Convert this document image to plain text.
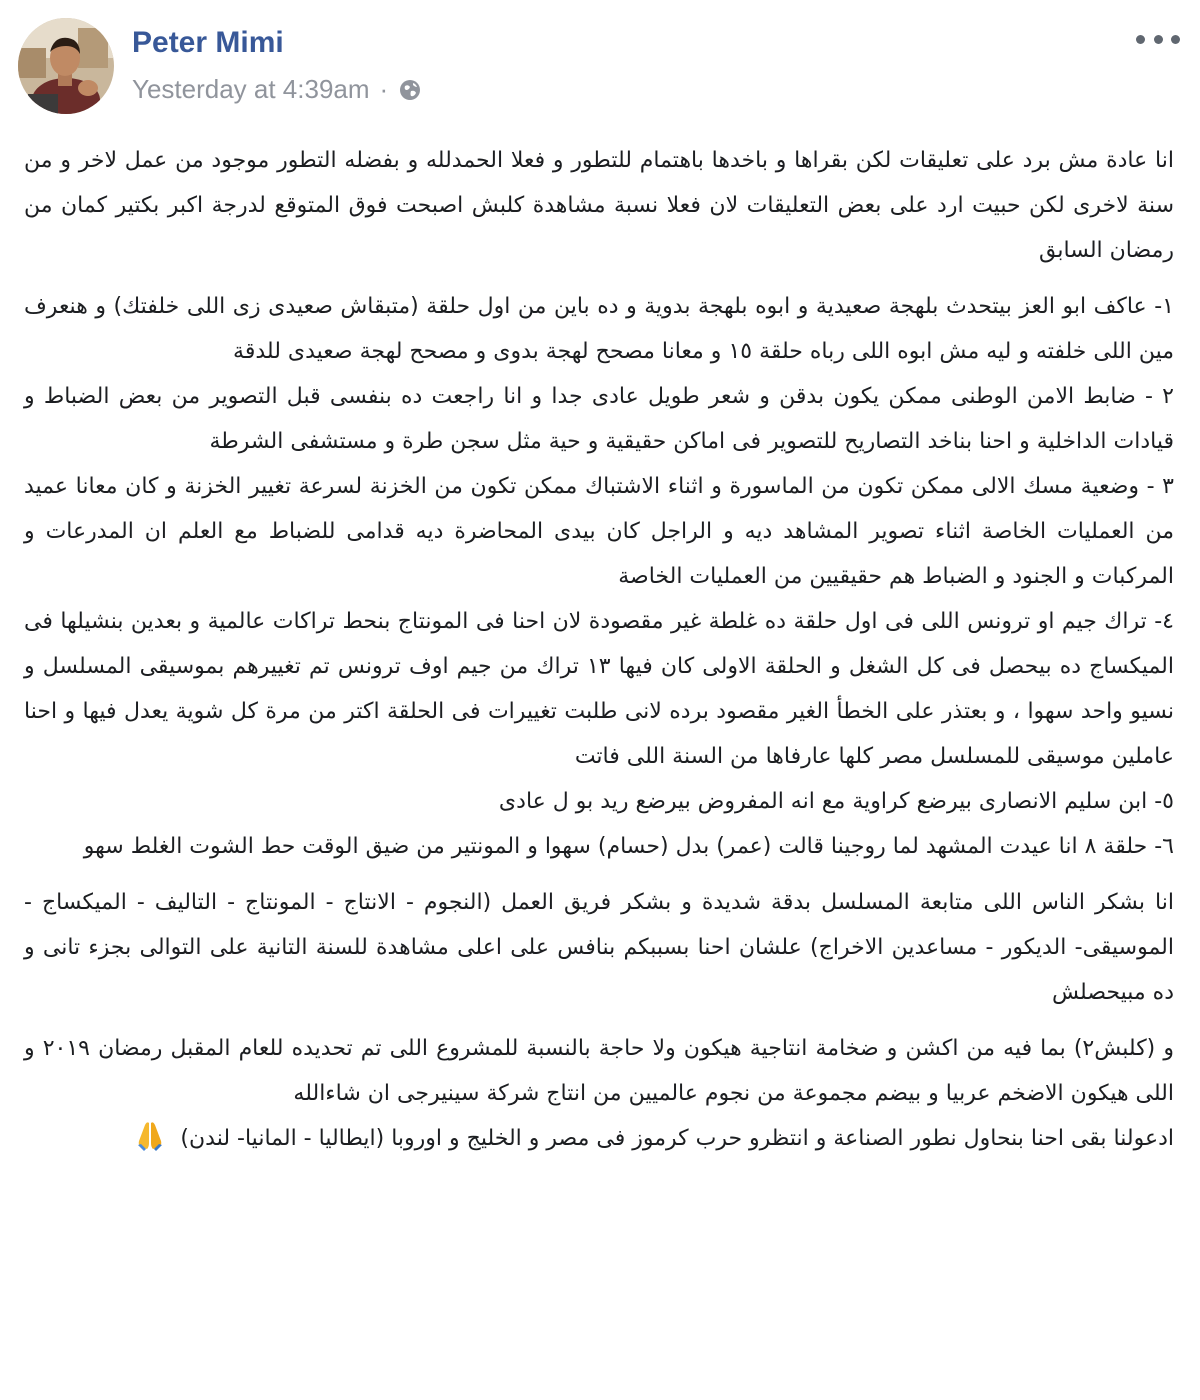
Peter Mimi
Yesterday at 4:39am ·

انا عادة مش برد على تعليقات لكن بقراها و باخدها باهتمام للتطور و فعلا الحمدلله و بفضله التطور موجود من عمل لاخر و من سنة لاخرى لكن حبيت ارد على بعض التعليقات لان فعلا نسبة مشاهدة كلبش اصبحت فوق المتوقع لدرجة اكبر بكتير كمان من رمضان السابق

١- عاكف ابو العز بيتحدث بلهجة صعيدية و ابوه بلهجة بدوية و ده باين من اول حلقة (متبقاش صعيدى زى اللى خلفتك) و هنعرف مين اللى خلفته و ليه مش ابوه اللى رباه حلقة ١٥ و معانا مصحح لهجة بدوى و مصحح لهجة صعيدى للدقة

٢ - ضابط الامن الوطنى ممكن يكون بدقن و شعر طويل عادى جدا و انا راجعت ده بنفسى قبل التصوير من بعض الضباط و قيادات الداخلية و احنا بناخد التصاريح للتصوير فى اماكن حقيقية و حية مثل سجن طرة و مستشفى الشرطة

٣ - وضعية مسك الالى ممكن تكون من الماسورة و اثناء الاشتباك ممكن تكون من الخزنة لسرعة تغيير الخزنة و كان معانا عميد من العمليات الخاصة اثناء تصوير المشاهد ديه و الراجل كان بيدى المحاضرة ديه قدامى للضباط مع العلم ان المدرعات و المركبات و الجنود و الضباط هم حقيقيين من العمليات الخاصة

٤- تراك جيم او ترونس اللى فى اول حلقة ده غلطة غير مقصودة لان احنا فى المونتاج بنحط تراكات عالمية و بعدين بنشيلها فى الميكساج ده بيحصل فى كل الشغل و الحلقة الاولى كان فيها ١٣ تراك من جيم اوف ترونس تم تغييرهم بموسيقى المسلسل و نسيو واحد سهوا ، و بعتذر على الخطأ الغير مقصود برده لانى طلبت تغييرات فى الحلقة اكتر من مرة كل شوية يعدل فيها و احنا عاملين موسيقى للمسلسل مصر كلها عارفاها من السنة اللى فاتت

٥- ابن سليم الانصارى بيرضع كراوية مع انه المفروض بيرضع ريد بو ل عادى

٦- حلقة ٨ انا عيدت المشهد لما روجينا قالت (عمر) بدل (حسام) سهوا و المونتير من ضيق الوقت حط الشوت الغلط سهو

انا بشكر الناس اللى متابعة المسلسل بدقة شديدة و بشكر فريق العمل (النجوم - الانتاج - المونتاج - التاليف - الميكساج - الموسيقى- الديكور - مساعدين الاخراج) علشان احنا بسببكم بنافس على اعلى مشاهدة للسنة التانية على التوالى بجزء تانى و ده مبيحصلش

و (كلبش٢) بما فيه من اكشن و ضخامة انتاجية هيكون ولا حاجة بالنسبة للمشروع اللى تم تحديده للعام المقبل رمضان ٢٠١٩ و اللى هيكون الاضخم عربيا و بيضم مجموعة من نجوم عالميين من انتاج شركة سينيرجى ان شاءالله

ادعولنا بقى احنا بنحاول نطور الصناعة و انتظرو حرب كرموز فى مصر و الخليج و اوروبا (ايطاليا - المانيا- لندن)
